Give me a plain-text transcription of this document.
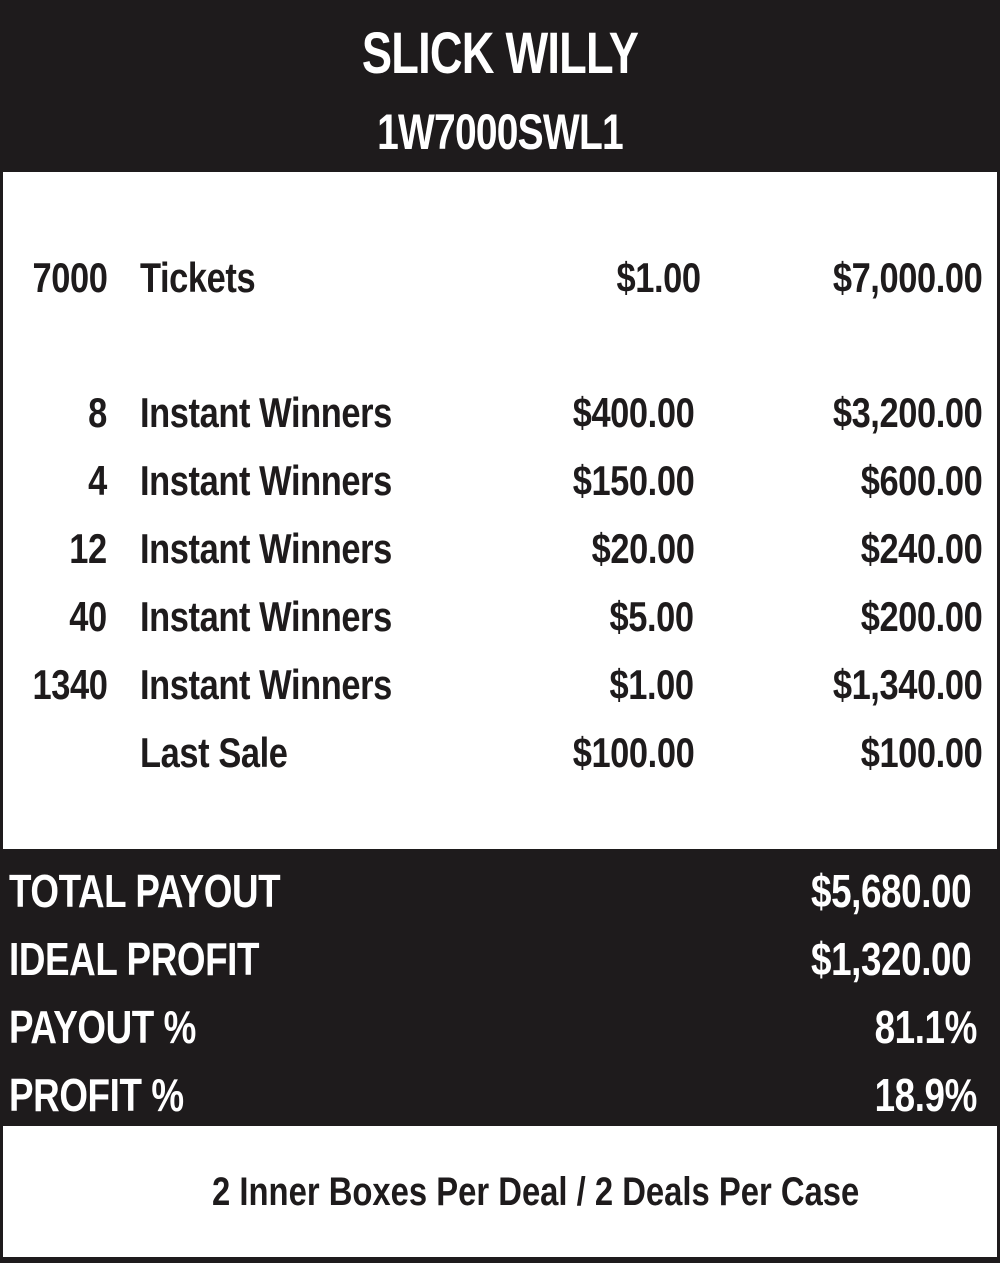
SLICK WILLY
1W7000SWL1
7000 Tickets	$1.00	$7,000.00
8 Instant Winners	$400.00	$3,200.00
4 Instant Winners	$150.00	$600.00
12 Instant Winners	$20.00	$240.00
40 Instant Winners	$5.00	$200.00
1340 Instant Winners	$1.00	$1,340.00
Last Sale	$100.00	$100.00
TOTAL PAYOUT	$5,680.00
IDEAL PROFIT	$1,320.00
PAYOUT %	81.1%
PROFIT %	18.9%
2 Inner Boxes Per Deal / 2 Deals Per Case
